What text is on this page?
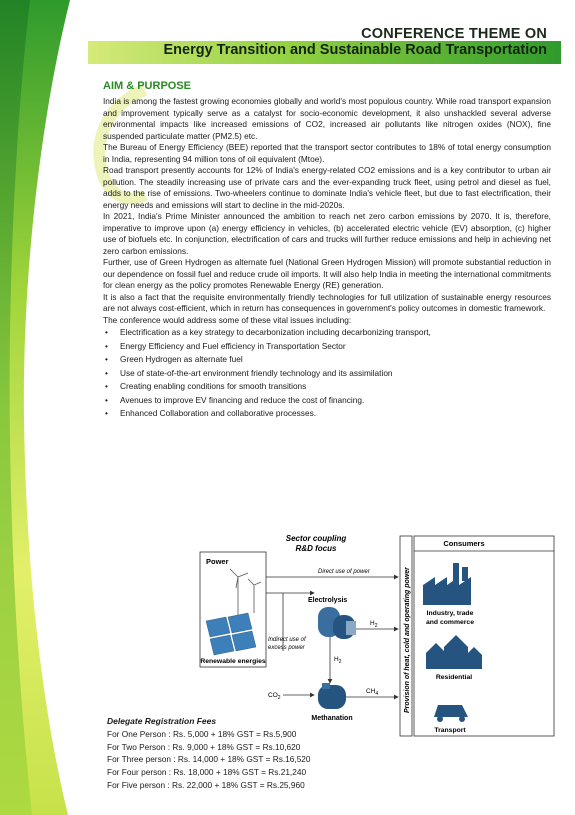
CONFERENCE THEME ON
Energy Transition and Sustainable Road Transportation
AIM & PURPOSE

India is among the fastest growing economies globally and world's most populous country. While road transport expansion and improvement typically serve as a catalyst for socio-economic development, it also unshackled several adverse environmental impacts like increased emissions of CO2, increased air pollutants like nitrogen oxides (NOX), fine suspended particulate matter (PM2.5) etc.

The Bureau of Energy Efficiency (BEE) reported that the transport sector contributes to 18% of total energy consumption in India, representing 94 million tons of oil equivalent (Mtoe).

Road transport presently accounts for 12% of India's energy-related CO2 emissions and is a key contributor to urban air pollution. The steadily increasing use of private cars and the ever-expanding truck fleet, using petrol and diesel as fuel, adds to the rise of emissions. Two-wheelers continue to dominate India's vehicle fleet, but due to fast electrification, their energy needs and emissions will start to decline in the mid-2020s.

In 2021, India's Prime Minister announced the ambition to reach net zero carbon emissions by 2070. It is, therefore, imperative to improve upon (a) energy efficiency in vehicles, (b) accelerated electric vehicle (EV) absorption, (c) higher use of biofuels etc. In conjunction, electrification of cars and trucks will further reduce emissions and help in achieving net zero carbon emissions.

Further, use of Green Hydrogen as alternate fuel (National Green Hydrogen Mission) will promote substantial reduction in our dependence on fossil fuel and reduce crude oil imports. It will also help India in meeting the international commitments for clean energy as the policy promotes Renewable Energy (RE) generation.

It is also a fact that the requisite environmentally friendly technologies for full utilization of sustainable energy resources are not always cost-efficient, which in return has consequences in government's policy outcomes in domestic framework.

The conference would address some of these vital issues including:

• Electrification as a key strategy to decarbonization including decarbonizing transport,
• Energy Efficiency and Fuel efficiency in Transportation Sector
• Green Hydrogen as alternate fuel
• Use of state-of-the-art environment friendly technology and its assimilation
• Creating enabling conditions for smooth transitions
• Avenues to improve EV financing and reduce the cost of financing.
• Enhanced Collaboration and collaborative processes.
Sector coupling
R&D focus
Power
Renewable energies
Direct use of power
Electrolysis
Indirect use of
excess power
$H_2$
$H_2$
$CO_2$
Methanation
$CH_4$	Provision of heat, cold and operating power
Consumers
Industry, trade
and commerce
Residential
Transport
Delegate Registration Fees
For One Person : Rs. 5,000 + 18% GST = Rs.5,900
For Two Person : Rs. 9,000 + 18% GST = Rs.10,620
For Three person : Rs. 14,000 + 18% GST = Rs.16,520
For Four person : Rs. 18,000 + 18% GST = Rs.21,240
For Five person : Rs. 22,000 + 18% GST = Rs.25,960
